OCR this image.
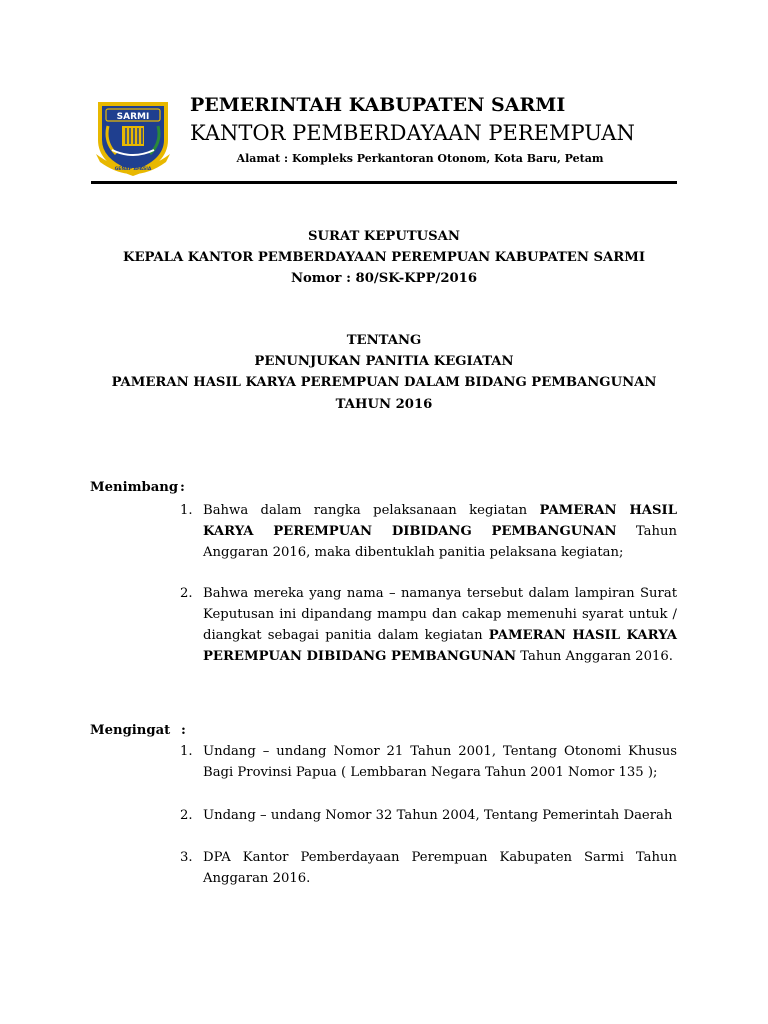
SARMI
GENAP AFASIA
PEMERINTAH KABUPATEN SARMI
KANTOR PEMBERDAYAAN PEREMPUAN
Alamat : Kompleks Perkantoran Otonom, Kota Baru, Petam
SURAT KEPUTUSAN
KEPALA KANTOR PEMBERDAYAAN PEREMPUAN KABUPATEN SARMI
Nomor : 80/SK-KPP/2016
TENTANG
PENUNJUKAN PANITIA KEGIATAN
PAMERAN HASIL KARYA PEREMPUAN DALAM BIDANG PEMBANGUNAN
TAHUN 2016
Menimbang :
1. Bahwa dalam rangka pelaksanaan kegiatan PAMERAN HASIL KARYA PEREMPUAN DIBIDANG PEMBANGUNAN Tahun Anggaran 2016, maka dibentuklah panitia pelaksana kegiatan;
2. Bahwa mereka yang nama – namanya tersebut dalam lampiran Surat Keputusan ini dipandang mampu dan cakap memenuhi syarat untuk / diangkat sebagai panitia dalam kegiatan PAMERAN HASIL KARYA PEREMPUAN DIBIDANG PEMBANGUNAN Tahun Anggaran 2016.
Mengingat :
1. Undang – undang Nomor 21 Tahun 2001, Tentang Otonomi Khusus Bagi Provinsi Papua ( Lembbaran Negara Tahun 2001 Nomor 135 );
2. Undang – undang Nomor 32 Tahun 2004, Tentang Pemerintah Daerah
3. DPA Kantor Pemberdayaan Perempuan Kabupaten Sarmi Tahun Anggaran 2016.
